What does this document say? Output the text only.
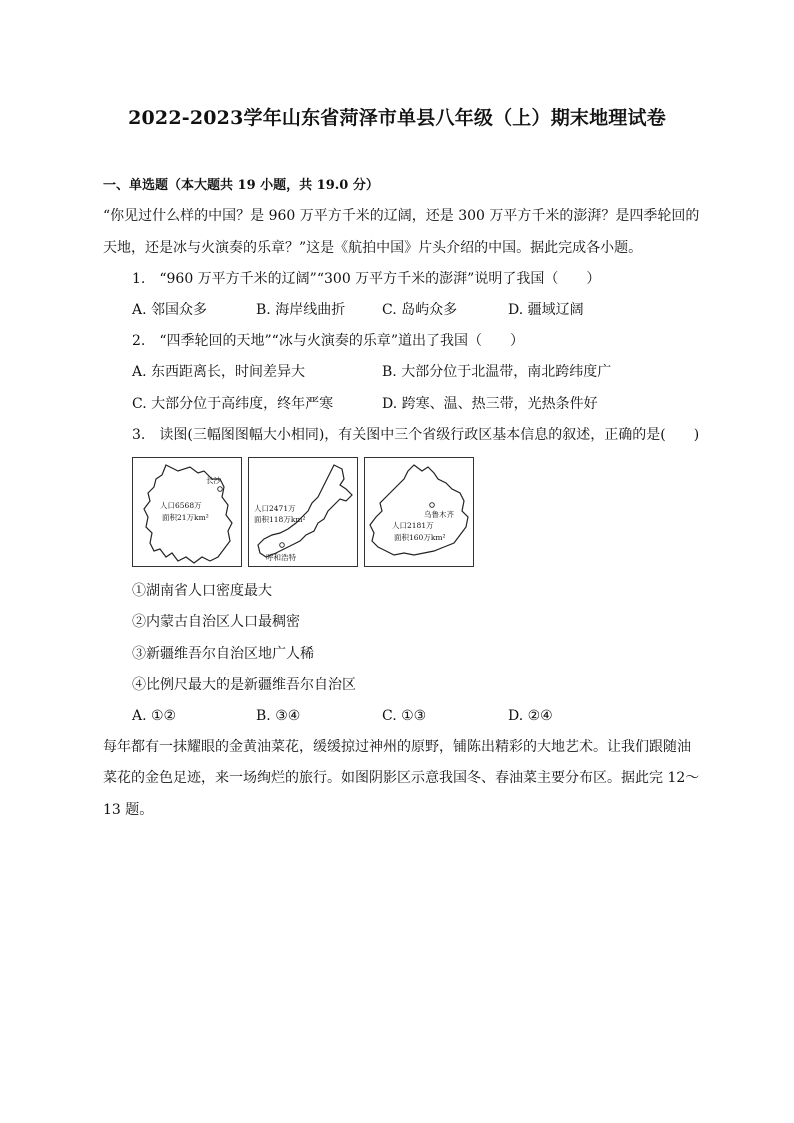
2022-2023学年山东省菏泽市单县八年级（上）期末地理试卷
一、单选题（本大题共 19 小题，共 19.0 分）
“你见过什么样的中国？是 960 万平方千米的辽阔，还是 300 万平方千米的澎湃？是四季轮回的
天地，还是冰与火演奏的乐章？”这是《航拍中国》片头介绍的中国。据此完成各小题。
1.　“960 万平方千米的辽阔”“300 万平方千米的澎湃”说明了我国（　　）
A. 邻国众多	B. 海岸线曲折	C. 岛屿众多	D. 疆域辽阔
2.　“四季轮回的天地”“冰与火演奏的乐章”道出了我国（　　）
A. 东西距离长，时间差异大	B. 大部分位于北温带，南北跨纬度广
C. 大部分位于高纬度，终年严寒	D. 跨寒、温、热三带，光热条件好
3.　读图(三幅图图幅大小相同)，有关图中三个省级行政区基本信息的叙述，正确的是(　　)
长沙
人口6568万
面积21万km²
人口2471万
面积118万km²
呼和浩特
乌鲁木齐
人口2181万
面积160万km²
①湖南省人口密度最大
②内蒙古自治区人口最稠密
③新疆维吾尔自治区地广人稀
④比例尺最大的是新疆维吾尔自治区
A. ①②	B. ③④	C. ①③	D. ②④
每年都有一抹耀眼的金黄油菜花，缓缓掠过神州的原野，铺陈出精彩的大地艺术。让我们跟随油
菜花的金色足迹，来一场绚烂的旅行。如图阴影区示意我国冬、春油菜主要分布区。据此完 12～
13 题。
